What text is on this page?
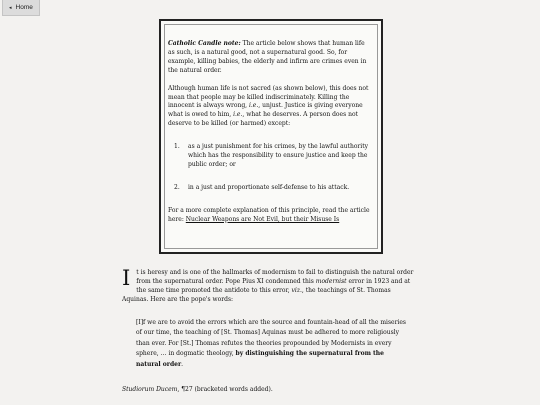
◂ Home

Catholic Candle note: The article below shows that human life as such, is a natural good, not a supernatural good. So, for example, killing babies, the elderly and infirm are crimes even in the natural order.

Although human life is not sacred (as shown below), this does not mean that people may be killed indiscriminately. Killing the innocent is always wrong, i.e., unjust. Justice is giving everyone what is owed to him, i.e., what he deserves. A person does not deserve to be killed (or harmed) except:

1. as a just punishment for his crimes, by the lawful authority which has the responsibility to ensure justice and keep the public order; or
2. in a just and proportionate self-defense to his attack.

For a more complete explanation of this principle, read the article here: Nuclear Weapons are Not Evil, but their Misuse Is

I t is heresy and is one of the hallmarks of modernism to fail to distinguish the natural order from the supernatural order. Pope Pius XI condemned this modernist error in 1923 and at the same time promoted the antidote to this error, viz., the teachings of St. Thomas Aquinas. Here are the pope's words:

[I]f we are to avoid the errors which are the source and fountain-head of all the miseries of our time, the teaching of [St. Thomas] Aquinas must be adhered to more religiously than ever. For [St.] Thomas refutes the theories propounded by Modernists in every sphere, … in dogmatic theology, by distinguishing the supernatural from the natural order.
Studiorum Ducem, ¶27 (bracketed words added).
